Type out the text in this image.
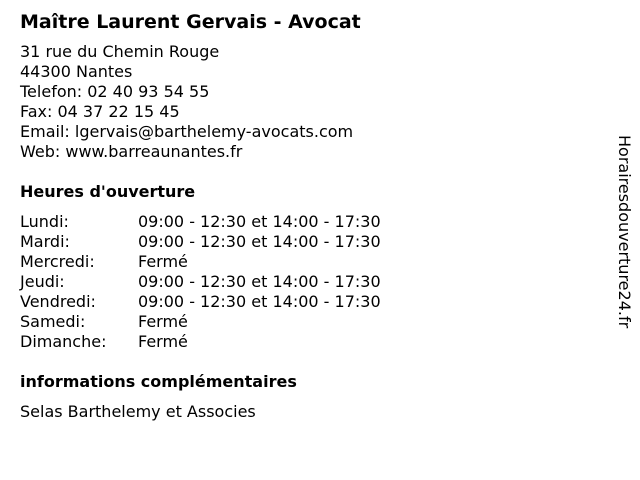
Maître Laurent Gervais - Avocat
31 rue du Chemin Rouge
44300 Nantes
Telefon: 02 40 93 54 55
Fax: 04 37 22 15 45
Email: lgervais@barthelemy-avocats.com
Web: www.barreaunantes.fr
Heures d'ouverture
Lundi:	09:00 - 12:30 et 14:00 - 17:30
Mardi:	09:00 - 12:30 et 14:00 - 17:30
Mercredi:	Fermé
Jeudi:	09:00 - 12:30 et 14:00 - 17:30
Vendredi:	09:00 - 12:30 et 14:00 - 17:30
Samedi:	Fermé
Dimanche:	Fermé
informations complémentaires
Selas Barthelemy et Associes
Horairesdouverture24.fr
